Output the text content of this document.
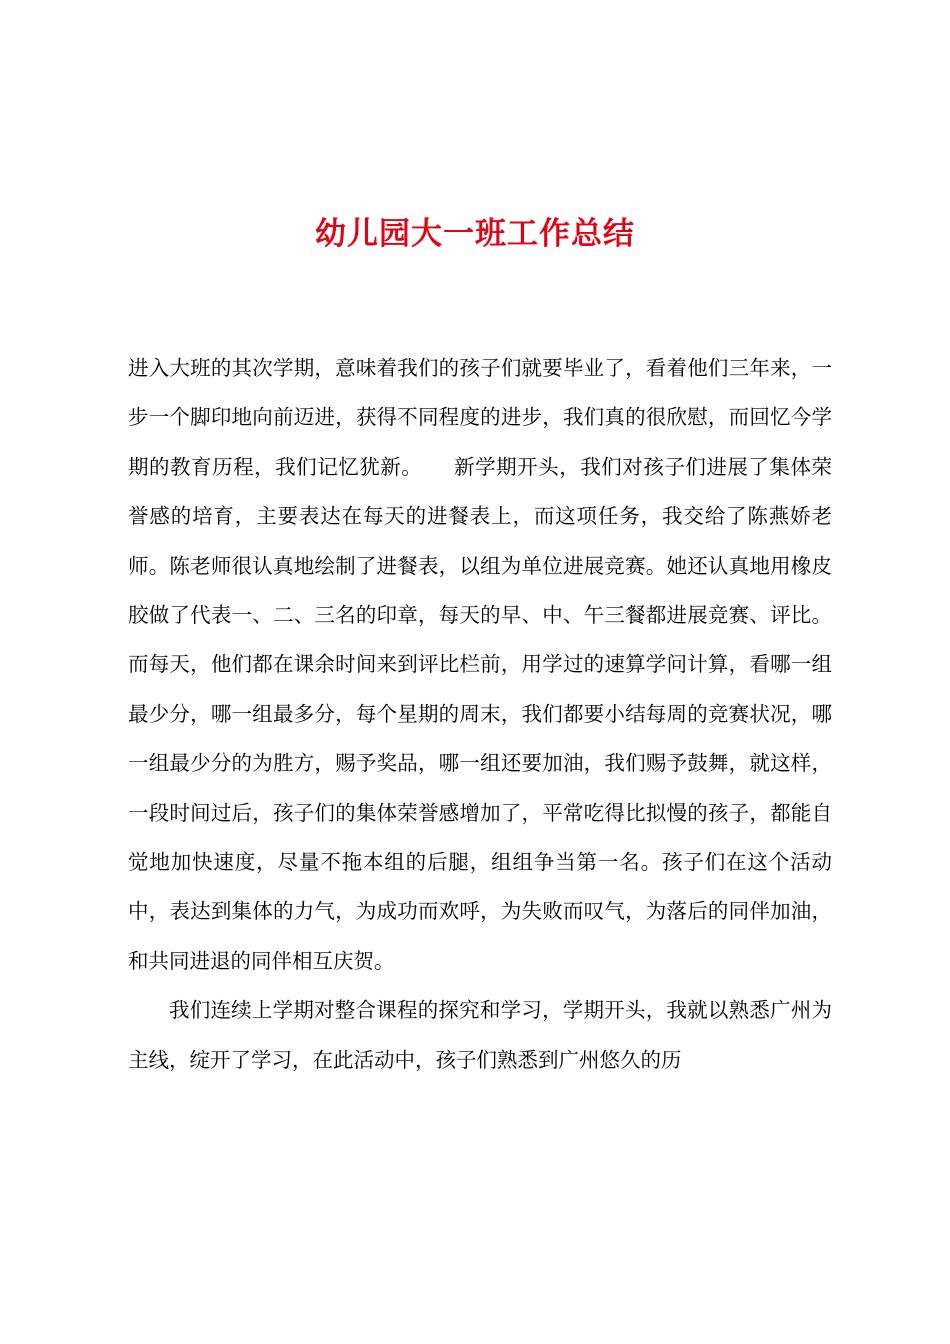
幼儿园大一班工作总结

进入大班的其次学期，意味着我们的孩子们就要毕业了，看着他们三年来，一步一个脚印地向前迈进，获得不同程度的进步，我们真的很欣慰，而回忆今学期的教育历程，我们记忆犹新。　　新学期开头，我们对孩子们进展了集体荣誉感的培育，主要表达在每天的进餐表上，而这项任务，我交给了陈燕娇老师。陈老师很认真地绘制了进餐表，以组为单位进展竞赛。她还认真地用橡皮胶做了代表一、二、三名的印章，每天的早、中、午三餐都进展竞赛、评比。而每天，他们都在课余时间来到评比栏前，用学过的速算学问计算，看哪一组最少分，哪一组最多分，每个星期的周末，我们都要小结每周的竞赛状况，哪一组最少分的为胜方，赐予奖品，哪一组还要加油，我们赐予鼓舞，就这样，一段时间过后，孩子们的集体荣誉感增加了，平常吃得比拟慢的孩子，都能自觉地加快速度，尽量不拖本组的后腿，组组争当第一名。孩子们在这个活动中，表达到集体的力气，为成功而欢呼，为失败而叹气，为落后的同伴加油，和共同进退的同伴相互庆贺。

我们连续上学期对整合课程的探究和学习，学期开头，我就以熟悉广州为主线，绽开了学习，在此活动中，孩子们熟悉到广州悠久的历
